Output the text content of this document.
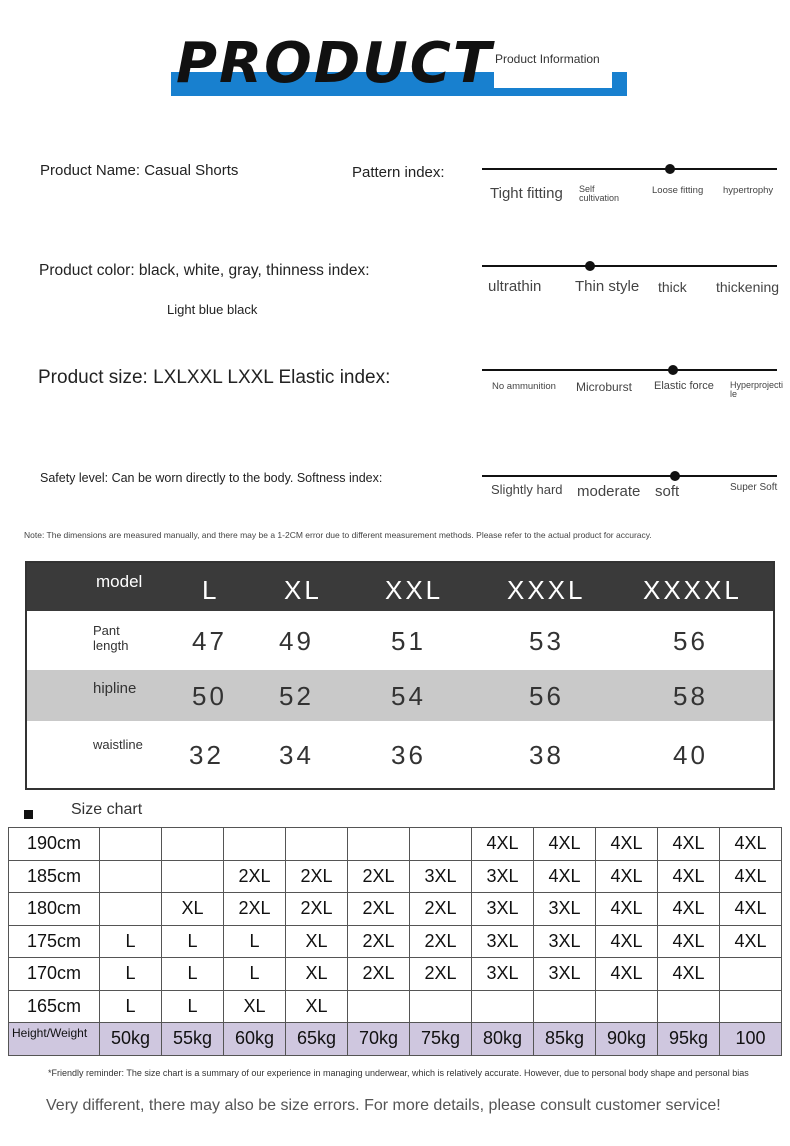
PRODUCT Product Information
Product Name: Casual Shorts	Pattern index:
Tight fitting Self cultivation
Loose fitting hypertrophy
Product color: black, white, gray, thinness index:
Light blue black
ultrathin Thin style thick thickening
Product size: LXLXXL LXXL Elastic index:	No ammunition Microburst Elastic force Hyperprojectile
Safety level: Can be worn directly to the body. Softness index:
Slightly hard moderate soft	Super Soft
Note: The dimensions are measured manually, and there may be a 1-2CM error due to different measurement methods. Please refer to the actual product for accuracy.
model L XL XXL XXXL XXXXL
Pant length	47 49	51	53	56
hipline 50 52	54	56	58
waistline 32 34	36	38	40
Size chart
190cm							4XL	4XL	4XL	4XL	4XL
185cm			2XL	2XL	2XL	3XL	3XL	4XL	4XL	4XL	4XL
180cm		XL	2XL	2XL	2XL	2XL	3XL	3XL	4XL	4XL	4XL
175cm	L	L	L	XL	2XL	2XL	3XL	3XL	4XL	4XL	4XL
170cm	L	L	L	XL	2XL	2XL	3XL	3XL	4XL	4XL	
165cm	L	L	XL	XL							
Height/Weight	50kg	55kg	60kg	65kg	70kg	75kg	80kg	85kg	90kg	95kg	100
*Friendly reminder: The size chart is a summary of our experience in managing underwear, which is relatively accurate. However, due to personal body shape and personal bias
Very different, there may also be size errors. For more details, please consult customer service!
